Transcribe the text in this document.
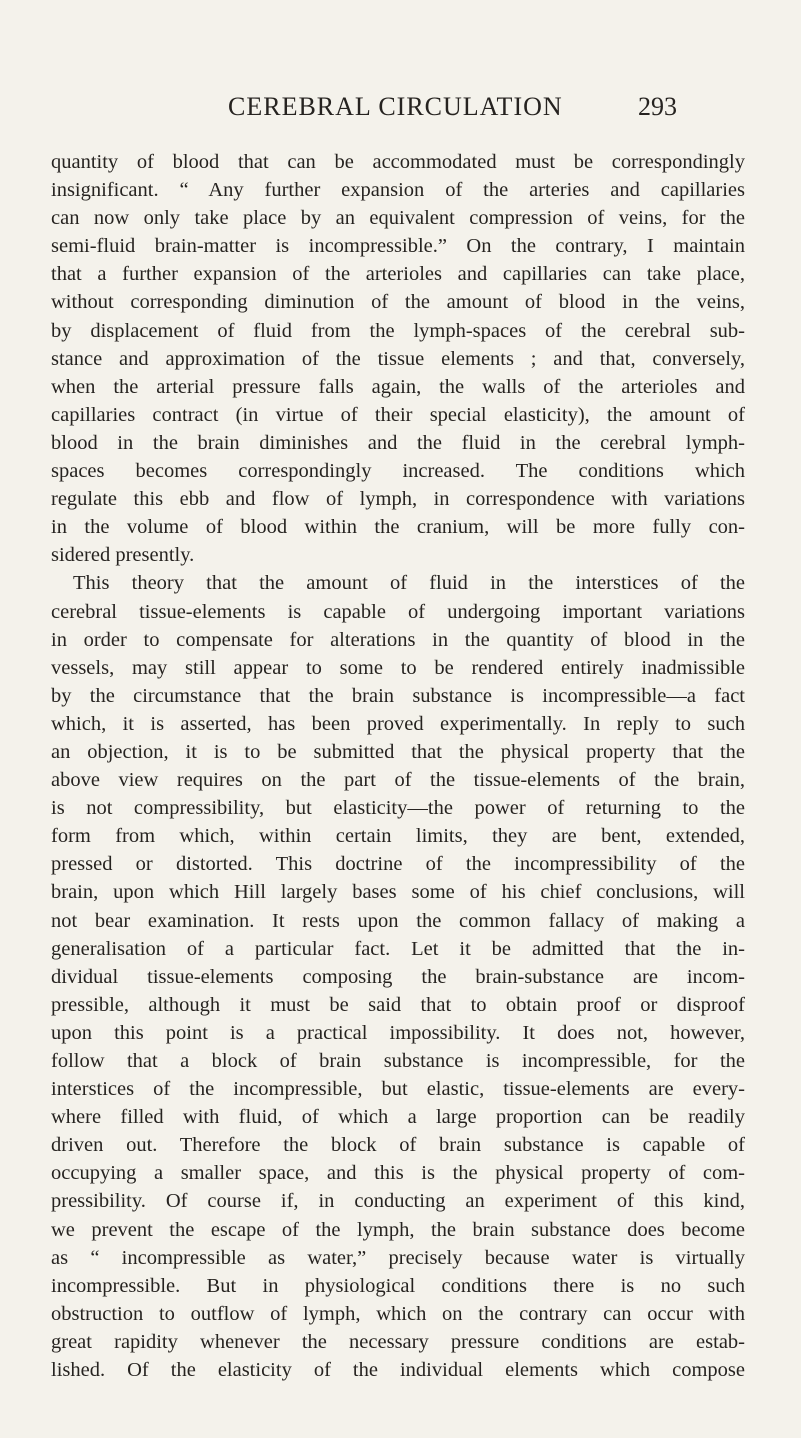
CEREBRAL CIRCULATION	293
quantity of blood that can be accommodated must be correspondingly
insignificant. “ Any further expansion of the arteries and capillaries
can now only take place by an equivalent compression of veins, for the
semi-fluid brain-matter is incompressible.” On the contrary, I maintain
that a further expansion of the arterioles and capillaries can take place,
without corresponding diminution of the amount of blood in the veins,
by displacement of fluid from the lymph-spaces of the cerebral sub-
stance and approximation of the tissue elements ; and that, conversely,
when the arterial pressure falls again, the walls of the arterioles and
capillaries contract (in virtue of their special elasticity), the amount of
blood in the brain diminishes and the fluid in the cerebral lymph-
spaces becomes correspondingly increased. The conditions which
regulate this ebb and flow of lymph, in correspondence with variations
in the volume of blood within the cranium, will be more fully con-
sidered presently.
This theory that the amount of fluid in the interstices of the
cerebral tissue-elements is capable of undergoing important variations
in order to compensate for alterations in the quantity of blood in the
vessels, may still appear to some to be rendered entirely inadmissible
by the circumstance that the brain substance is incompressible—a fact
which, it is asserted, has been proved experimentally. In reply to such
an objection, it is to be submitted that the physical property that the
above view requires on the part of the tissue-elements of the brain,
is not compressibility, but elasticity—the power of returning to the
form from which, within certain limits, they are bent, extended,
pressed or distorted. This doctrine of the incompressibility of the
brain, upon which Hill largely bases some of his chief conclusions, will
not bear examination. It rests upon the common fallacy of making a
generalisation of a particular fact. Let it be admitted that the in-
dividual tissue-elements composing the brain-substance are incom-
pressible, although it must be said that to obtain proof or disproof
upon this point is a practical impossibility. It does not, however,
follow that a block of brain substance is incompressible, for the
interstices of the incompressible, but elastic, tissue-elements are every-
where filled with fluid, of which a large proportion can be readily
driven out. Therefore the block of brain substance is capable of
occupying a smaller space, and this is the physical property of com-
pressibility. Of course if, in conducting an experiment of this kind,
we prevent the escape of the lymph, the brain substance does become
as “ incompressible as water,” precisely because water is virtually
incompressible. But in physiological conditions there is no such
obstruction to outflow of lymph, which on the contrary can occur with
great rapidity whenever the necessary pressure conditions are estab-
lished. Of the elasticity of the individual elements which compose
